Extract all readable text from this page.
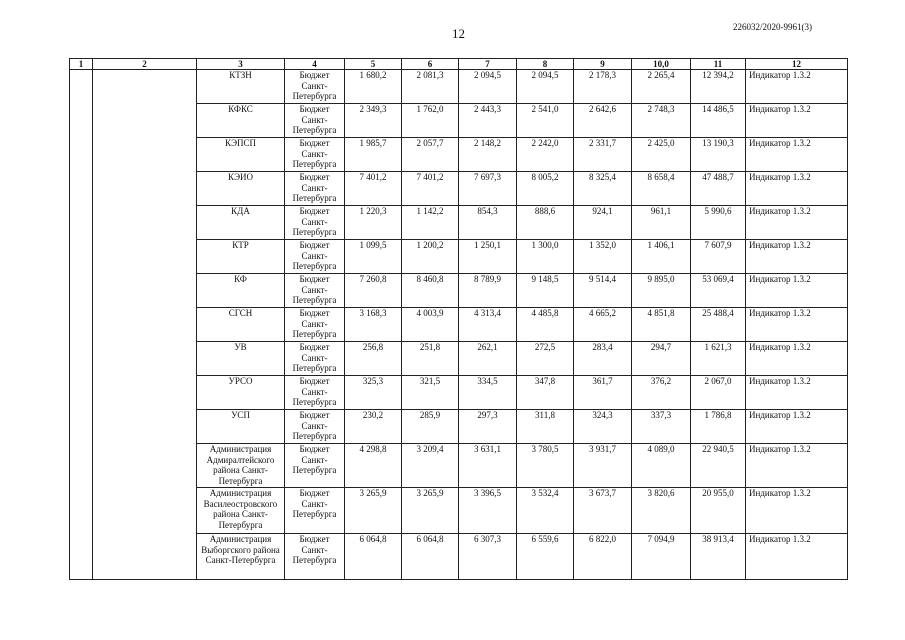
12	226032/2020-9961(3)
1	2	3	4	5	6	7	8	9	10,0	11	12
		КТЗН	Бюджет Санкт-Петербурга	1 680,2	2 081,3	2 094,5	2 094,5	2 178,3	2 265,4	12 394,2	Индикатор 1.3.2
		КФКС	Бюджет Санкт-Петербурга	2 349,3	1 762,0	2 443,3	2 541,0	2 642,6	2 748,3	14 486,5	Индикатор 1.3.2
		КЭПСП	Бюджет Санкт-Петербурга	1 985,7	2 057,7	2 148,2	2 242,0	2 331,7	2 425,0	13 190,3	Индикатор 1.3.2
		КЭИО	Бюджет Санкт-Петербурга	7 401,2	7 401,2	7 697,3	8 005,2	8 325,4	8 658,4	47 488,7	Индикатор 1.3.2
		КДА	Бюджет Санкт-Петербурга	1 220,3	1 142,2	854,3	888,6	924,1	961,1	5 990,6	Индикатор 1.3.2
		КТР	Бюджет Санкт-Петербурга	1 099,5	1 200,2	1 250,1	1 300,0	1 352,0	1 406,1	7 607,9	Индикатор 1.3.2
		КФ	Бюджет Санкт-Петербурга	7 260,8	8 460,8	8 789,9	9 148,5	9 514,4	9 895,0	53 069,4	Индикатор 1.3.2
		СГСН	Бюджет Санкт-Петербурга	3 168,3	4 003,9	4 313,4	4 485,8	4 665,2	4 851,8	25 488,4	Индикатор 1.3.2
		УВ	Бюджет Санкт-Петербурга	256,8	251,8	262,1	272,5	283,4	294,7	1 621,3	Индикатор 1.3.2
		УРСО	Бюджет Санкт-Петербурга	325,3	321,5	334,5	347,8	361,7	376,2	2 067,0	Индикатор 1.3.2
		УСП	Бюджет Санкт-Петербурга	230,2	285,9	297,3	311,8	324,3	337,3	1 786,8	Индикатор 1.3.2
		Администрация Адмиралтейского района Санкт-Петербурга	Бюджет Санкт-Петербурга	4 298,8	3 209,4	3 631,1	3 780,5	3 931,7	4 089,0	22 940,5	Индикатор 1.3.2
		Администрация Василеостровского района Санкт-Петербурга	Бюджет Санкт-Петербурга	3 265,9	3 265,9	3 396,5	3 532,4	3 673,7	3 820,6	20 955,0	Индикатор 1.3.2
		Администрация Выборгского района Санкт-Петербурга	Бюджет Санкт-Петербурга	6 064,8	6 064,8	6 307,3	6 559,6	6 822,0	7 094,9	38 913,4	Индикатор 1.3.2
